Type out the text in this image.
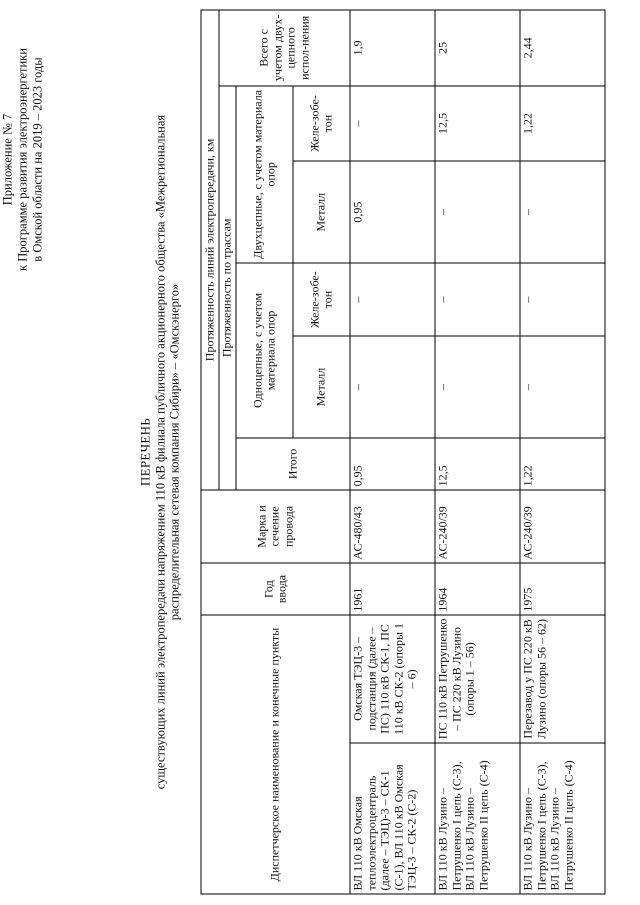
Приложение № 7 к Программе развития электроэнергетики в Омской области на 2019 – 2023 годы
ПЕРЕЧЕНЬ существующих линий электропередачи напряжением 110 кВ филиала публичного акционерного общества «Межрегиональная распределительная сетевая компания Сибири» – «Омскэнерго»
Диспетчерское наименование и конечные пункты		Год ввода	Марка и сечение провода	Протяженность линий электропередачи, км					
				Протяженность по трассам					Всего с учетом двух-цепного испол-нения
				Итого	Одноцепные, с учетом материала опор		Двухцепные, с учетом материала опор		
					Металл	Желе-зобе-тон	Металл	Желе-зобе-тон	
ВЛ 110 кВ Омская теплоэлектроцентраль (далее – ТЭЦ)-3 – СК-1 (С-1), ВЛ 110 кВ Омская ТЭЦ-3 – СК-2 (С-2)	Омская ТЭЦ-3 – подстанция (далее – ПС) 110 кВ СК-1, ПС 110 кВ СК-2 (опоры 1 – 6)	1961	АС-480/43	0,95	–	–	0,95	–	1,9
ВЛ 110 кВ Лузино – Петрушенко I цепь (С-3), ВЛ 110 кВ Лузино – Петрушенко II цепь (С-4)	ПС 110 кВ Петрушенко – ПС 220 кВ Лузино (опоры 1 – 56)	1964	АС-240/39	12,5	–	–	–	12,5	25
ВЛ 110 кВ Лузино – Петрушенко I цепь (С-3), ВЛ 110 кВ Лузино – Петрушенко II цепь (С-4)	Перезавод у ПС 220 кВ Лузино (опоры 56 – 62)	1975	АС-240/39	1,22	–	–	–	1,22	2,44
